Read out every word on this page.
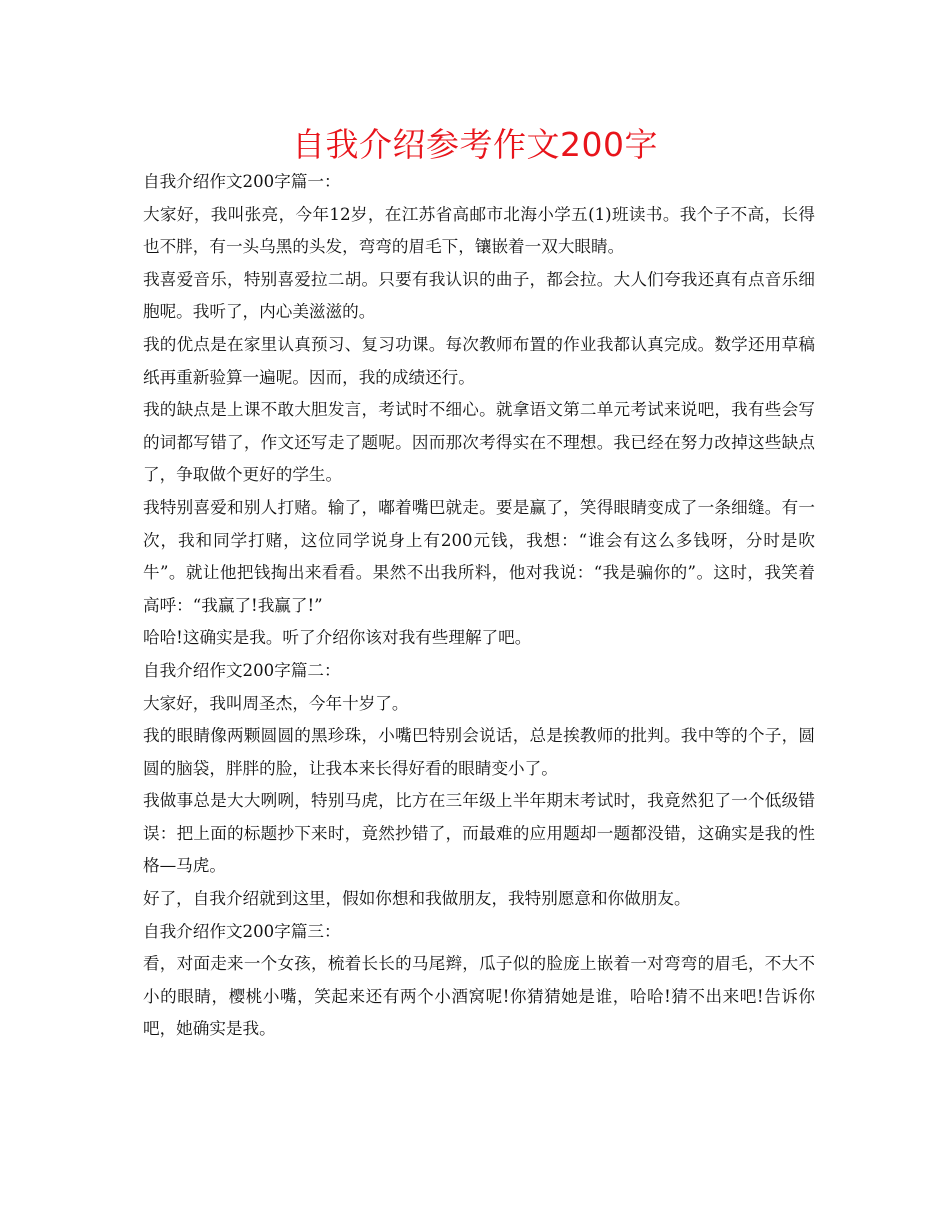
自我介绍参考作文200字

自我介绍作文200字篇一：

大家好，我叫张亮，今年12岁，在江苏省高邮市北海小学五(1)班读书。我个子不高，长得也不胖，有一头乌黑的头发，弯弯的眉毛下，镶嵌着一双大眼睛。

我喜爱音乐，特别喜爱拉二胡。只要有我认识的曲子，都会拉。大人们夸我还真有点音乐细胞呢。我听了，内心美滋滋的。

我的优点是在家里认真预习、复习功课。每次教师布置的作业我都认真完成。数学还用草稿纸再重新验算一遍呢。因而，我的成绩还行。

我的缺点是上课不敢大胆发言，考试时不细心。就拿语文第二单元考试来说吧，我有些会写的词都写错了，作文还写走了题呢。因而那次考得实在不理想。我已经在努力改掉这些缺点了，争取做个更好的学生。

我特别喜爱和别人打赌。输了，嘟着嘴巴就走。要是赢了，笑得眼睛变成了一条细缝。有一次，我和同学打赌，这位同学说身上有200元钱，我想：“谁会有这么多钱呀，分时是吹牛”。就让他把钱掏出来看看。果然不出我所料，他对我说：“我是骗你的”。这时，我笑着高呼：“我赢了!我赢了!”

哈哈!这确实是我。听了介绍你该对我有些理解了吧。

自我介绍作文200字篇二：

大家好，我叫周圣杰，今年十岁了。

我的眼睛像两颗圆圆的黑珍珠，小嘴巴特别会说话，总是挨教师的批判。我中等的个子，圆圆的脑袋，胖胖的脸，让我本来长得好看的眼睛变小了。

我做事总是大大咧咧，特别马虎，比方在三年级上半年期末考试时，我竟然犯了一个低级错误：把上面的标题抄下来时，竟然抄错了，而最难的应用题却一题都没错，这确实是我的性格—马虎。

好了，自我介绍就到这里，假如你想和我做朋友，我特别愿意和你做朋友。

自我介绍作文200字篇三：

看，对面走来一个女孩，梳着长长的马尾辫，瓜子似的脸庞上嵌着一对弯弯的眉毛，不大不小的眼睛，樱桃小嘴，笑起来还有两个小酒窝呢!你猜猜她是谁，哈哈!猜不出来吧!告诉你吧，她确实是我。
